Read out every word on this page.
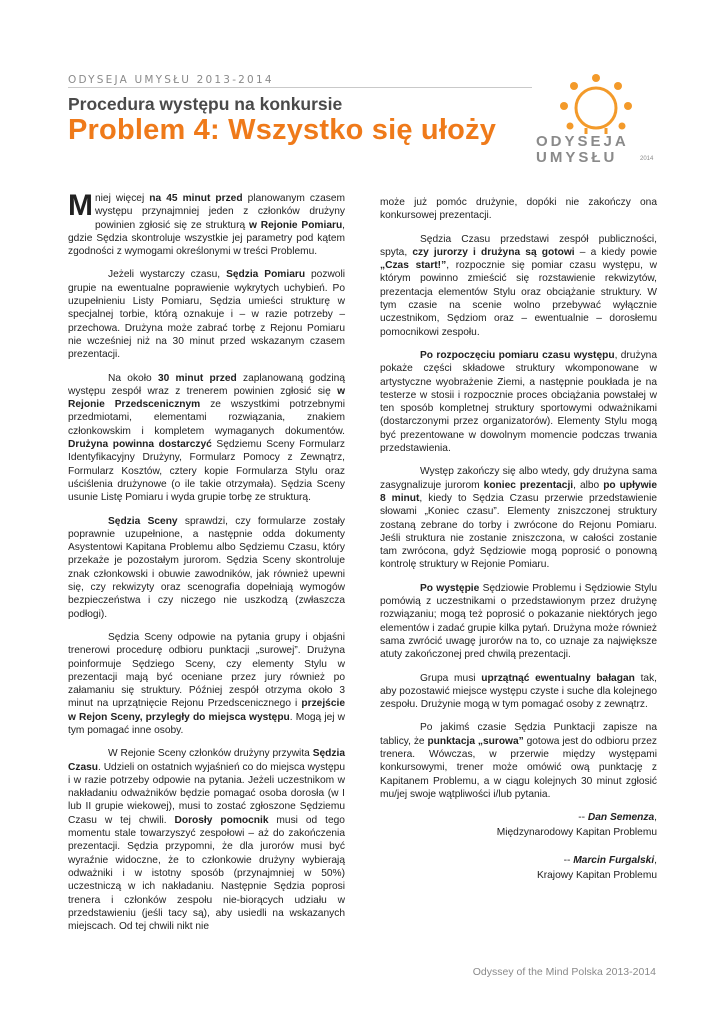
ODYSEJA UMYSŁU 2013-2014
Procedura występu na konkursie
Problem 4: Wszystko się ułoży	ODYSEJA
UMYSŁU	2014

Mniej więcej na 45 minut przed planowanym czasem występu przynajmniej jeden z członków drużyny powinien zgłosić się ze strukturą w Rejonie Pomiaru, gdzie Sędzia skontroluje wszystkie jej parametry pod kątem zgodności z wymogami określonymi w treści Problemu.

Jeżeli wystarczy czasu, Sędzia Pomiaru pozwoli grupie na ewentualne poprawienie wykrytych uchybień. Po uzupełnieniu Listy Pomiaru, Sędzia umieści strukturę w specjalnej torbie, którą oznakuje i – w razie potrzeby – przechowa. Drużyna może zabrać torbę z Rejonu Pomiaru nie wcześniej niż na 30 minut przed wskazanym czasem prezentacji.

Na około 30 minut przed zaplanowaną godziną występu zespół wraz z trenerem powinien zgłosić się w Rejonie Przedscenicznym ze wszystkimi potrzebnymi przedmiotami, elementami rozwiązania, znakiem członkowskim i kompletem wymaganych dokumentów. Drużyna powinna dostarczyć Sędziemu Sceny Formularz Identyfikacyjny Drużyny, Formularz Pomocy z Zewnątrz, Formularz Kosztów, cztery kopie Formularza Stylu oraz uściślenia drużynowe (o ile takie otrzymała). Sędzia Sceny usunie Listę Pomiaru i wyda grupie torbę ze strukturą.

Sędzia Sceny sprawdzi, czy formularze zostały poprawnie uzupełnione, a następnie odda dokumenty Asystentowi Kapitana Problemu albo Sędziemu Czasu, który przekaże je pozostałym jurorom. Sędzia Sceny skontroluje znak członkowski i obuwie zawodników, jak również upewni się, czy rekwizyty oraz scenografia dopełniają wymogów bezpieczeństwa i czy niczego nie uszkodzą (zwłaszcza podłogi).

Sędzia Sceny odpowie na pytania grupy i objaśni trenerowi procedurę odbioru punktacji „surowej”. Drużyna poinformuje Sędziego Sceny, czy elementy Stylu w prezentacji mają być oceniane przez jury również po załamaniu się struktury. Później zespół otrzyma około 3 minut na uprzątnięcie Rejonu Przedscenicznego i przejście w Rejon Sceny, przyległy do miejsca występu. Mogą jej w tym pomagać inne osoby.

W Rejonie Sceny członków drużyny przywita Sędzia Czasu. Udzieli on ostatnich wyjaśnień co do miejsca występu i w razie potrzeby odpowie na pytania. Jeżeli uczestnikom w nakładaniu odważników będzie pomagać osoba dorosła (w I lub II grupie wiekowej), musi to zostać zgłoszone Sędziemu Czasu w tej chwili. Dorosły pomocnik musi od tego momentu stale towarzyszyć zespołowi – aż do zakończenia prezentacji. Sędzia przypomni, że dla jurorów musi być wyraźnie widoczne, że to członkowie drużyny wybierają odważniki i w istotny sposób (przynajmniej w 50%) uczestniczą w ich nakładaniu. Następnie Sędzia poprosi trenera i członków zespołu nie-biorących udziału w przedstawieniu (jeśli tacy są), aby usiedli na wskazanych miejscach. Od tej chwili nikt nie

może już pomóc drużynie, dopóki nie zakończy ona konkursowej prezentacji.

Sędzia Czasu przedstawi zespół publiczności, spyta, czy jurorzy i drużyna są gotowi – a kiedy powie „Czas start!”, rozpocznie się pomiar czasu występu, w którym powinno zmieścić się rozstawienie rekwizytów, prezentacja elementów Stylu oraz obciążanie struktury. W tym czasie na scenie wolno przebywać wyłącznie uczestnikom, Sędziom oraz – ewentualnie – dorosłemu pomocnikowi zespołu.

Po rozpoczęciu pomiaru czasu występu, drużyna pokaże części składowe struktury wkomponowane w artystyczne wyobrażenie Ziemi, a następnie poukłada je na testerze w stosii i rozpocznie proces obciążania powstałej w ten sposób kompletnej struktury sportowymi odważnikami (dostarczonymi przez organizatorów). Elementy Stylu mogą być prezentowane w dowolnym momencie podczas trwania przedstawienia.

Występ zakończy się albo wtedy, gdy drużyna sama zasygnalizuje jurorom koniec prezentacji, albo po upływie 8 minut, kiedy to Sędzia Czasu przerwie przedstawienie słowami „Koniec czasu”. Elementy zniszczonej struktury zostaną zebrane do torby i zwrócone do Rejonu Pomiaru. Jeśli struktura nie zostanie zniszczona, w całości zostanie tam zwrócona, gdyż Sędziowie mogą poprosić o ponowną kontrolę struktury w Rejonie Pomiaru.

Po występie Sędziowie Problemu i Sędziowie Stylu pomówią z uczestnikami o przedstawionym przez drużynę rozwiązaniu; mogą też poprosić o pokazanie niektórych jego elementów i zadać grupie kilka pytań. Drużyna może również sama zwrócić uwagę jurorów na to, co uznaje za największe atuty zakończonej pred chwilą prezentacji.

Grupa musi uprzątnąć ewentualny bałagan tak, aby pozostawić miejsce występu czyste i suche dla kolejnego zespołu. Drużynie mogą w tym pomagać osoby z zewnątrz.

Po jakimś czasie Sędzia Punktacji zapisze na tablicy, że punktacja „surowa” gotowa jest do odbioru przez trenera. Wówczas, w przerwie między występami konkursowymi, trener może omówić ową punktację z Kapitanem Problemu, a w ciągu kolejnych 30 minut zgłosić mu/jej swoje wątpliwości i/lub pytania.

-- Dan Semenza,
Międzynarodowy Kapitan Problemu
-- Marcin Furgalski,
Krajowy Kapitan Problemu
Odyssey of the Mind Polska 2013-2014
